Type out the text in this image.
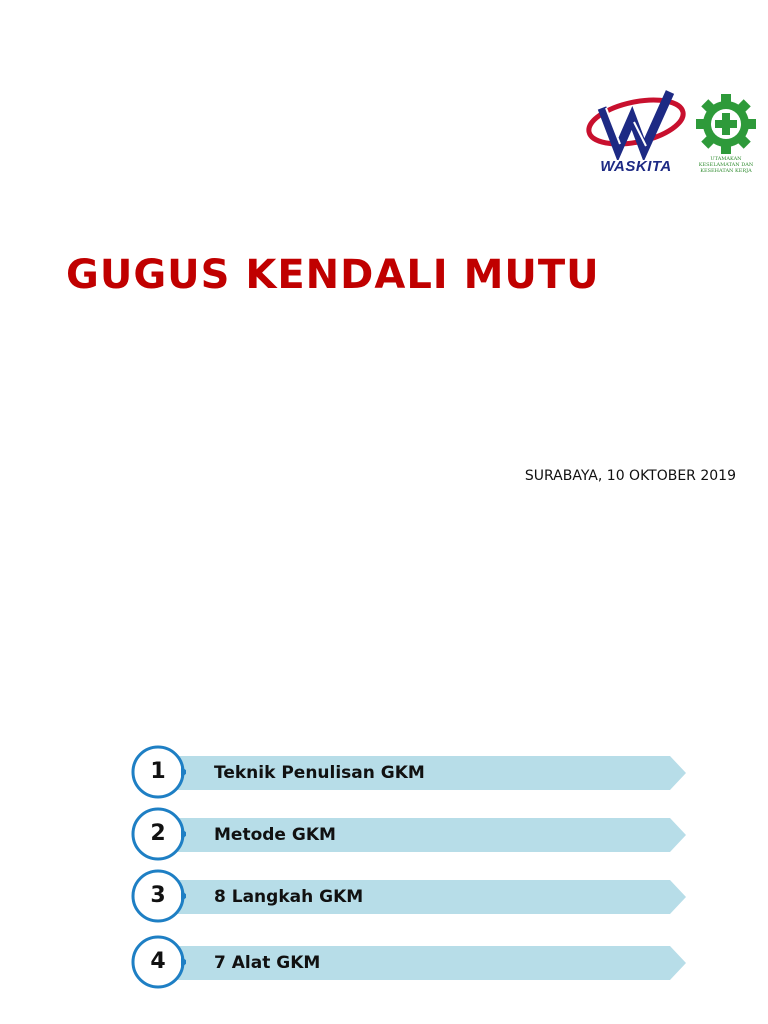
WASKITA	UTAMAKAN KESELAMATAN DAN KESEHATAN KERJA
GUGUS KENDALI MUTU
SURABAYA, 10 OKTOBER 2019
Teknik Penulisan GKM
1
Metode GKM
2
8 Langkah GKM
3
7 Alat GKM
4
